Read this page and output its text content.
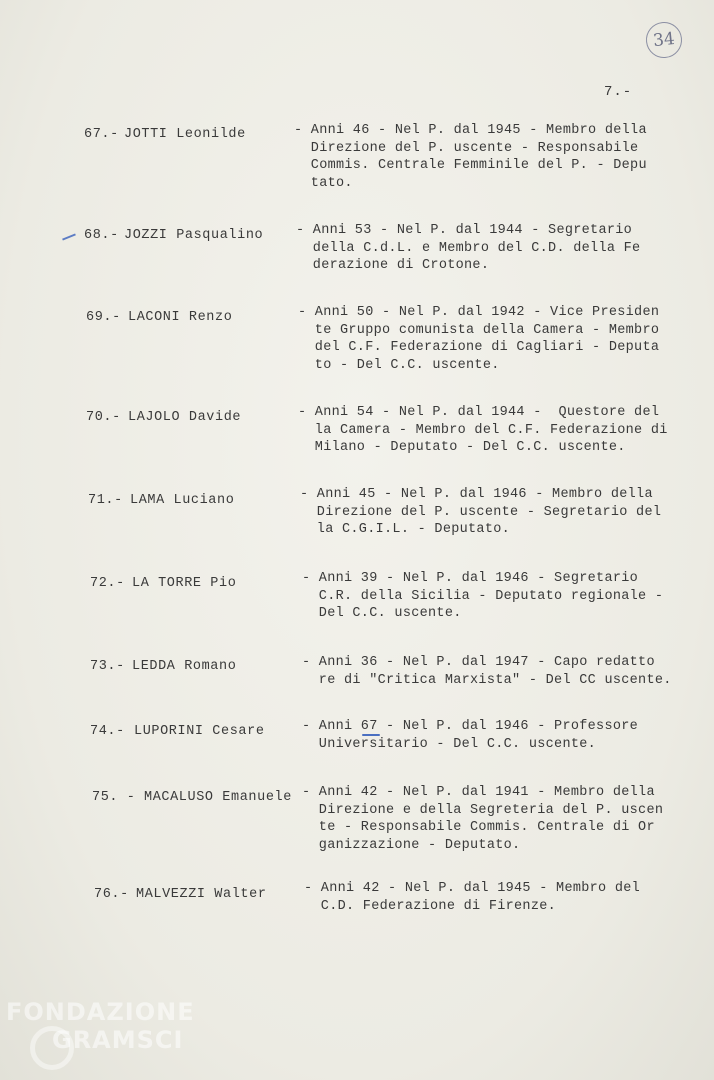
34
7.-
67.- JOTTI Leonilde	- Anni 46 - Nel P. dal 1945 - Membro della
Direzione del P. uscente - Responsabile
Commis. Centrale Femminile del P. - Depu
tato.
68.- JOZZI Pasqualino - Anni 53 - Nel P. dal 1944 - Segretario
della C.d.L. e Membro del C.D. della Fe
derazione di Crotone.
69.- LACONI Renzo	- Anni 50 - Nel P. dal 1942 - Vice Presiden
te Gruppo comunista della Camera - Membro
del C.F. Federazione di Cagliari - Deputa
to - Del C.C. uscente.
70.- LAJOLO Davide	- Anni 54 - Nel P. dal 1944 -  Questore del
la Camera - Membro del C.F. Federazione di
Milano - Deputato - Del C.C. uscente.
71.- LAMA Luciano	- Anni 45 - Nel P. dal 1946 - Membro della
Direzione del P. uscente - Segretario del
la C.G.I.L. - Deputato.
72.- LA TORRE Pio	- Anni 39 - Nel P. dal 1946 - Segretario
C.R. della Sicilia - Deputato regionale -
Del C.C. uscente.
73.- LEDDA Romano	- Anni 36 - Nel P. dal 1947 - Capo redatto
re di "Critica Marxista" - Del CC uscente.
74.- LUPORINI Cesare	- Anni 67 - Nel P. dal 1946 - Professore
Universitario - Del C.C. uscente.
75. - MACALUSO Emanuele - Anni 42 - Nel P. dal 1941 - Membro della
Direzione e della Segreteria del P. uscen
te - Responsabile Commis. Centrale di Or
ganizzazione - Deputato.
76.- MALVEZZI Walter	- Anni 42 - Nel P. dal 1945 - Membro del
C.D. Federazione di Firenze.
FONDAZIONE
GRAMSCI
